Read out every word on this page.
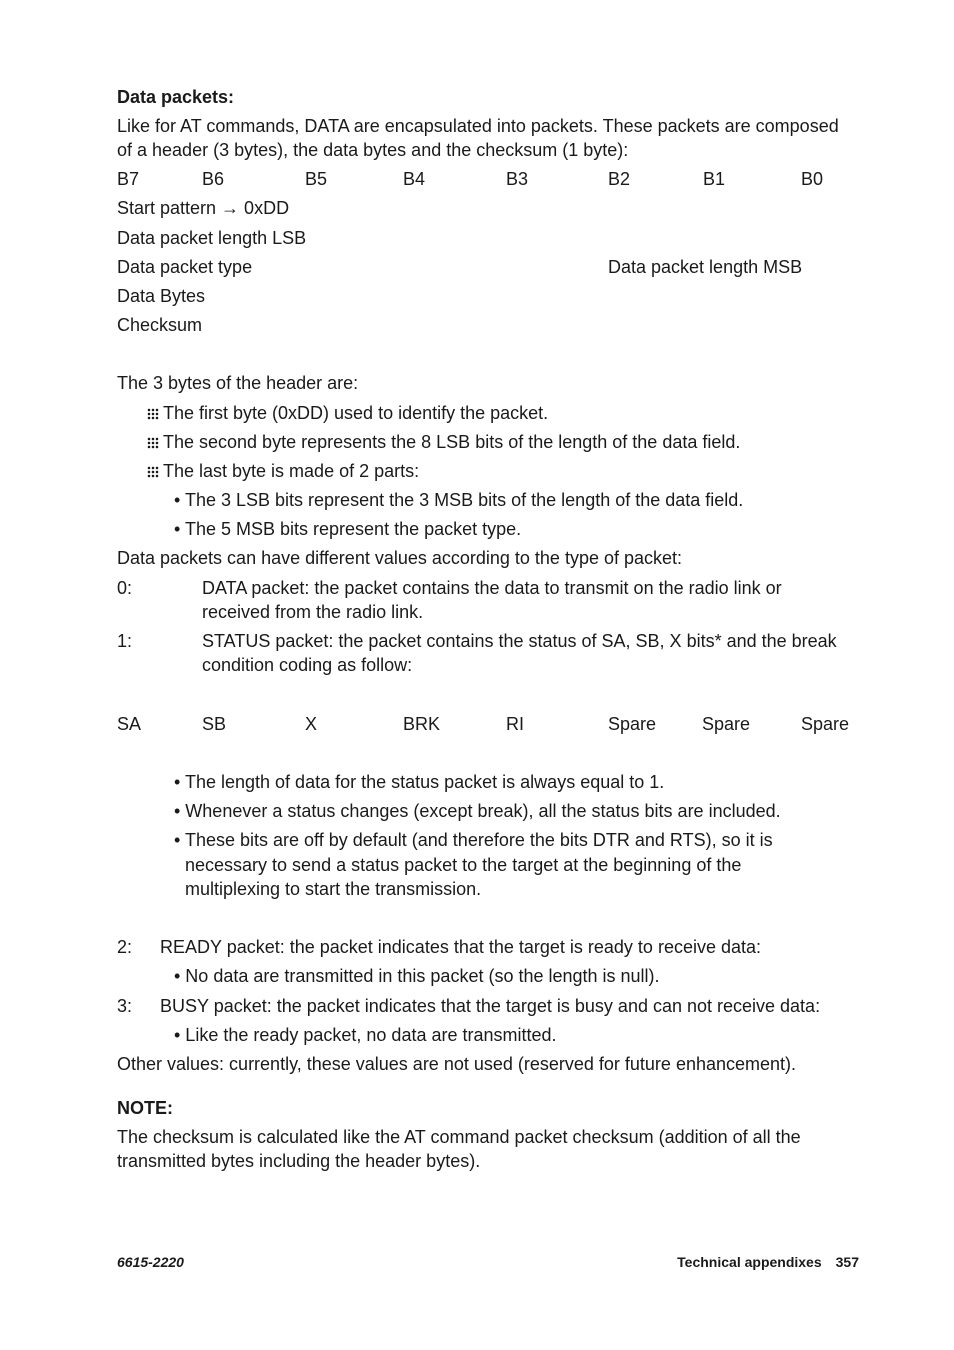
Data packets:
Like for AT commands, DATA are encapsulated into packets. These packets are composed
of a header (3 bytes), the data bytes and the checksum (1 byte):
B7	B6	B5	B4	B3	B2	B1	B0
Start pattern → 0xDD
Data packet length LSB
Data packet type	Data packet length MSB
Data Bytes
Checksum
The 3 bytes of the header are:
The first byte (0xDD) used to identify the packet.
The second byte represents the 8 LSB bits of the length of the data field.
The last byte is made of 2 parts:
• The 3 LSB bits represent the 3 MSB bits of the length of the data field.
• The 5 MSB bits represent the packet type.
Data packets can have different values according to the type of packet:
0:	DATA packet: the packet contains the data to transmit on the radio link or
received from the radio link.
1:	STATUS packet: the packet contains the status of SA, SB, X bits* and the break
condition coding as follow:
SA	SB	X	BRK	RI	Spare	Spare	Spare
• The length of data for the status packet is always equal to 1.
• Whenever a status changes (except break), all the status bits are included.
• These bits are off by default (and therefore the bits DTR and RTS), so it is
necessary to send a status packet to the target at the beginning of the
multiplexing to start the transmission.
2: READY packet: the packet indicates that the target is ready to receive data:
• No data are transmitted in this packet (so the length is null).
3: BUSY packet: the packet indicates that the target is busy and can not receive data:
• Like the ready packet, no data are transmitted.
Other values: currently, these values are not used (reserved for future enhancement).
NOTE:
The checksum is calculated like the AT command packet checksum (addition of all the
transmitted bytes including the header bytes).
6615-2220	Technical appendixes 357
